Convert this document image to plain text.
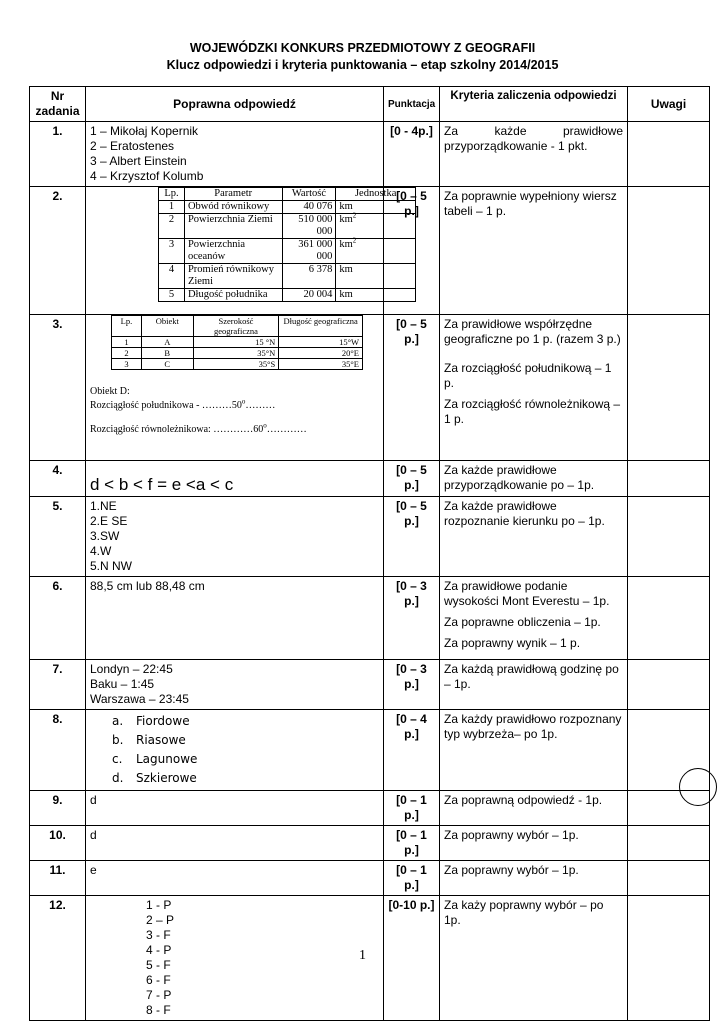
WOJEWÓDZKI KONKURS PRZEDMIOTOWY Z GEOGRAFII
Klucz odpowiedzi i kryteria punktowania – etap szkolny 2014/2015
Nr zadania	Poprawna odpowiedź	Punktacja	Kryteria zaliczenia odpowiedzi	Uwagi
1.	1 – Mikołaj Kopernik
2 – Eratostenes
3 – Albert Einstein
4 – Krzysztof Kolumb
	[0 - 4p.]	Za każde prawidłowe
przyporządkowanie - 1 pkt.

2.		Lp.	Parametr	Wartość	Jednostka
1	Obwód równikowy	40 076	km
2	Powierzchnia Ziemi	510 000 000	$km^2$
3	Powierzchnia oceanów	361 000 000	$km^2$
4	Promień równikowy Ziemi	6 378	km
5	Długość południka	20 004	km
	[0 – 5 p.]	Za poprawnie wypełniony wiersz tabeli – 1 p.	
3.		Lp.	Obiekt	Szerokość geograficzna	Długość geograficzna
1	A	15 °N	15°W
2	B	35°N	20°E
3	C	35°S	35°E
Obiekt D:
Rozciągłość południkowa - ………50$^o$………
Rozciągłość równoleżnikowa: …………60$^o$…………
	[0 – 5 p.]	

Za prawidłowe współrzędne geograficzne po 1 p. (razem 3 p.)

Za rozciągłość południkową – 1 p.

Za rozciągłość równoleżnikową – 1 p.

4.	d < b < f = e <a < c	[0 – 5 p.]	Za każde prawidłowe przyporządkowanie po – 1p.	
5.	1.NE
2.E SE
3.SW
4.W
5.N NW
	[0 – 5 p.]	Za każde prawidłowe rozpoznanie kierunku po – 1p.	
6.	88,5 cm lub 88,48 cm	[0 – 3 p.]	

Za prawidłowe podanie wysokości Mont Everestu – 1p.

Za poprawne obliczenia – 1p.

Za poprawny wynik – 1 p.

7.	Londyn – 22:45
Baku – 1:45
Warszawa – 23:45
	[0 – 3 p.]	Za każdą prawidłową godzinę po – 1p.	
8.	a. Fiordowe
b. Riasowe
c. Lagunowe
d. Szkierowe
	[0 – 4 p.]	Za każdy prawidłowo rozpoznany typ wybrzeża– po 1p.	
9.	d	[0 – 1 p.]	Za poprawną odpowiedź - 1p.	
10.	d	[0 – 1 p.]	Za poprawny wybór – 1p.	
11.	e	[0 – 1 p.]	Za poprawny wybór – 1p.	
12.	1 - P
2 – P
3 - F
4 - P
5 - F
6 - F
7 - P
8 - F
	[0-10 p.]	Za każy poprawny wybór – po 1p.	
1
